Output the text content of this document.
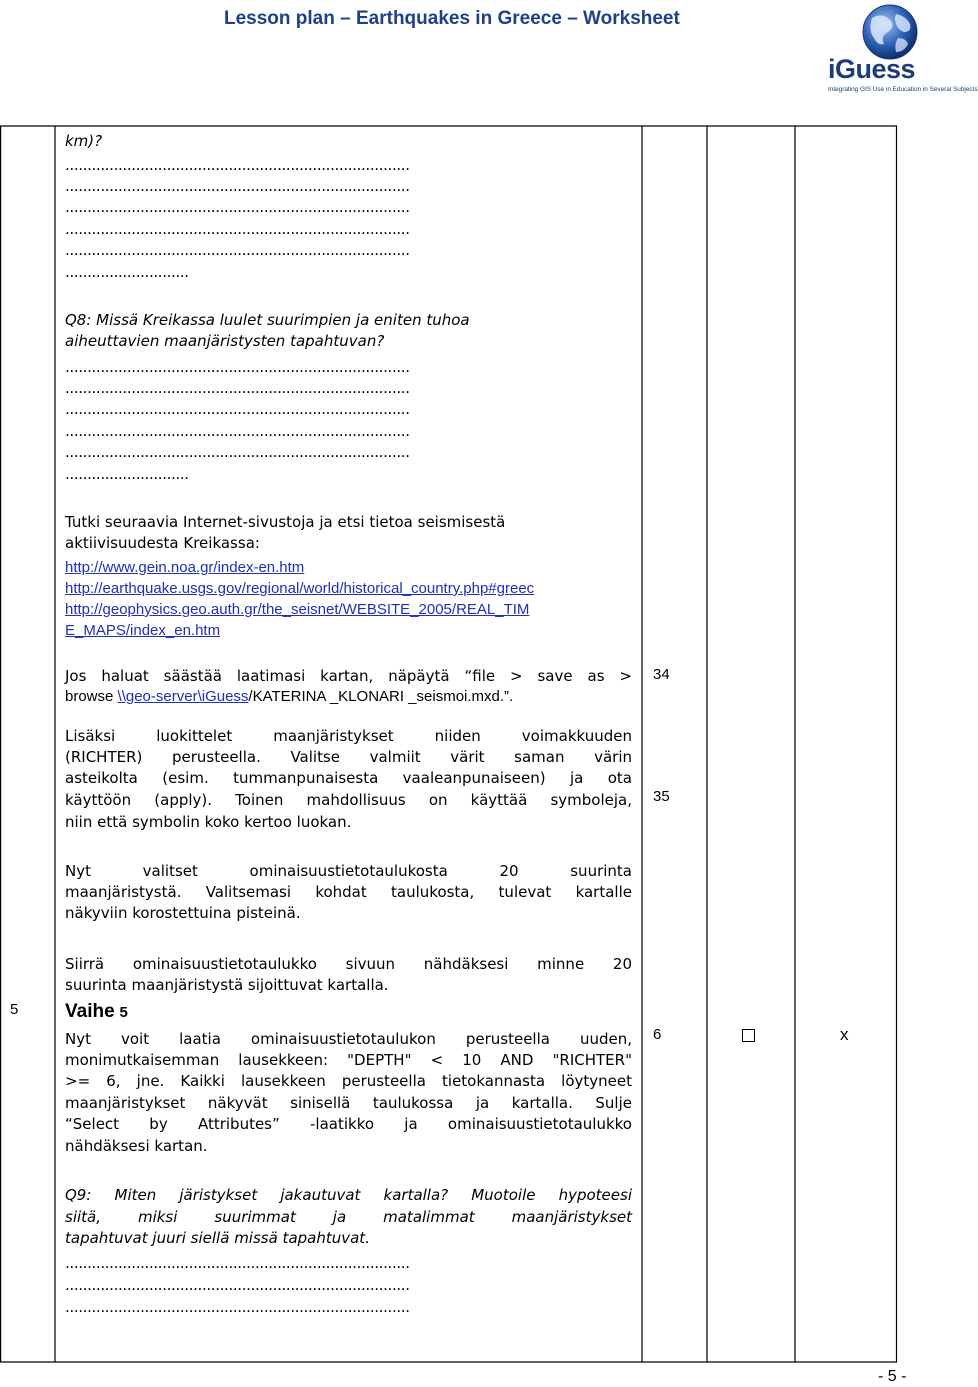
Lesson plan – Earthquakes in Greece – Worksheet
iGuess
Integrating GIS Use in Education in Several Subjects
5

km)?

..............................................................................

..............................................................................

..............................................................................

..............................................................................

..............................................................................

............................

Q8: Missä Kreikassa luulet suurimpien ja eniten tuhoa

aiheuttavien maanjäristysten tapahtuvan?

..............................................................................

..............................................................................

..............................................................................

..............................................................................

..............................................................................

............................

Tutki seuraavia Internet-sivustoja ja etsi tietoa seismisestä

aktiivisuudesta Kreikassa:

http://www.gein.noa.gr/index-en.htm

http://earthquake.usgs.gov/regional/world/historical_country.php#greec

http://geophysics.geo.auth.gr/the_seisnet/WEBSITE_2005/REAL_TIM

E_MAPS/index_en.htm

Jos haluat säästää laatimasi kartan, näpäytä “file > save as >

browse \\geo-server\iGuess/KATERINA _KLONARI _seismoi.mxd.”.

Lisäksi luokittelet maanjäristykset niiden voimakkuuden

(RICHTER) perusteella. Valitse valmiit värit saman värin

asteikolta (esim. tummanpunaisesta vaaleanpunaiseen) ja ota

käyttöön (apply). Toinen mahdollisuus on käyttää symboleja,

niin että symbolin koko kertoo luokan.

Nyt valitset ominaisuustietotaulukosta 20 suurinta

maanjäristystä. Valitsemasi kohdat taulukosta, tulevat kartalle

näkyviin korostettuina pisteinä.

Siirrä ominaisuustietotaulukko sivuun nähdäksesi minne 20

suurinta maanjäristystä sijoittuvat kartalla.

Vaihe 5

Nyt voit laatia ominaisuustietotaulukon perusteella uuden,

monimutkaisemman lausekkeen: "DEPTH" < 10 AND "RICHTER"

>= 6, jne. Kaikki lausekkeen perusteella tietokannasta löytyneet

maanjäristykset näkyvät sinisellä taulukossa ja kartalla. Sulje

“Select by Attributes” -laatikko ja ominaisuustietotaulukko

nähdäksesi kartan.

Q9: Miten järistykset jakautuvat kartalla? Muotoile hypoteesi

siitä, miksi suurimmat ja matalimmat maanjäristykset

tapahtuvat juuri siellä missä tapahtuvat.

..............................................................................

..............................................................................

..............................................................................

34
35
6	x
- 5 -
